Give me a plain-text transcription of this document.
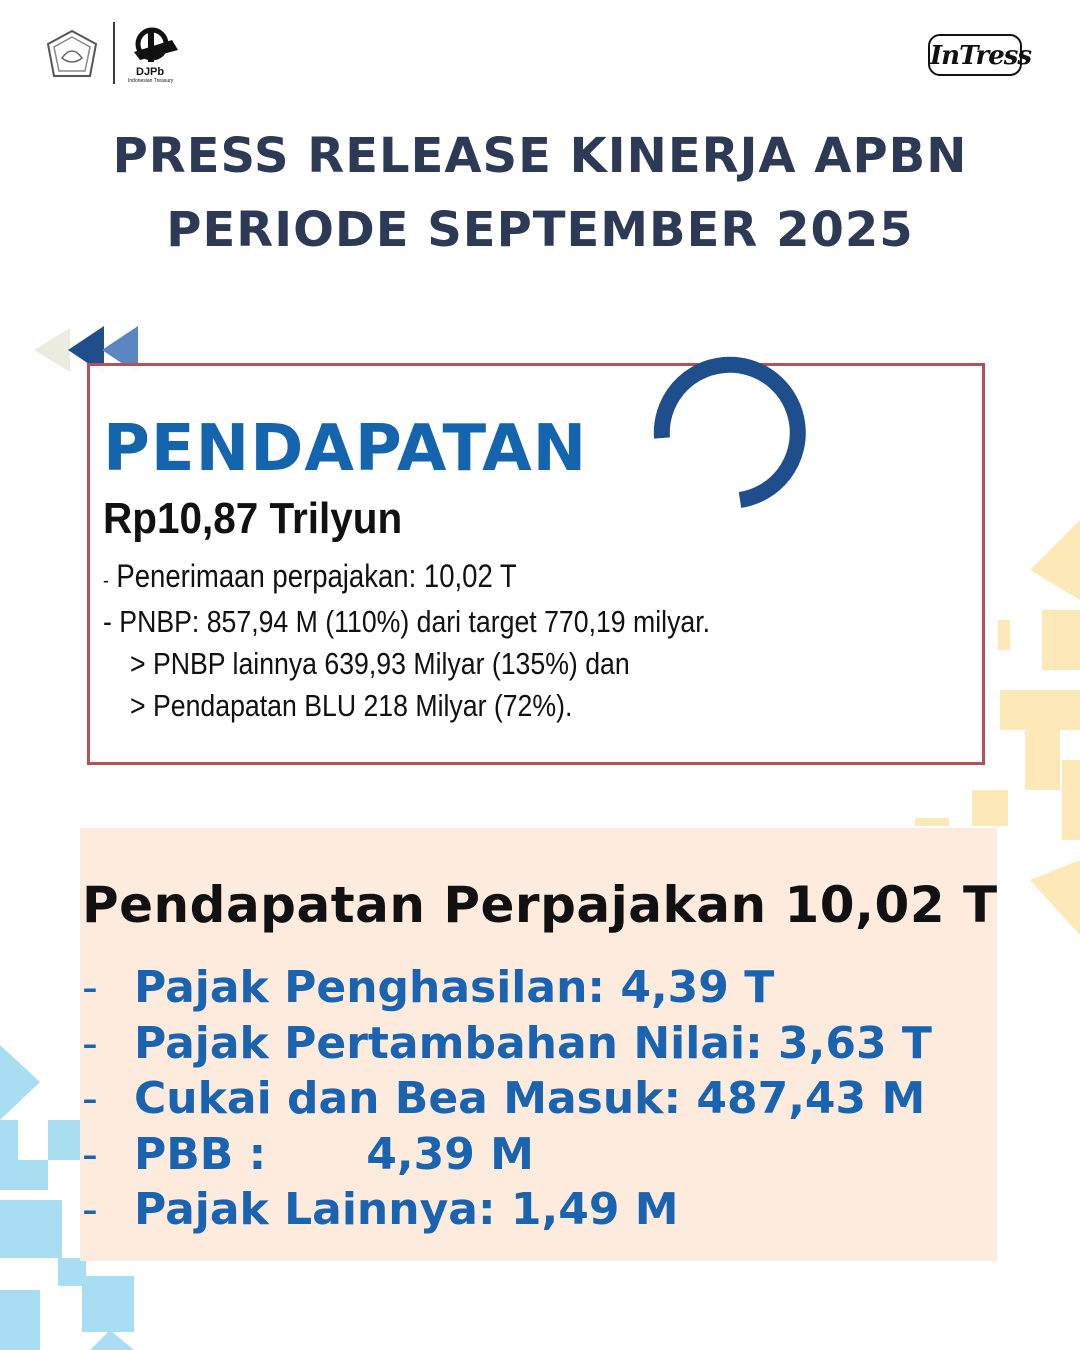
DJPb
Indonesian Treasury
InTress
PRESS RELEASE KINERJA APBN
PERIODE SEPTEMBER 2025
PENDAPATAN
Rp10,87 Trilyun
- Penerimaan perpajakan: 10,02 T
- PNBP: 857,94 M (110%) dari target 770,19 milyar.
> PNBP lainnya 639,93 Milyar (135%) dan
> Pendapatan BLU 218 Milyar (72%).
Pendapatan Perpajakan 10,02 T
- Pajak Penghasilan: 4,39 T
- Pajak Pertambahan Nilai: 3,63 T
- Cukai dan Bea Masuk: 487,43 M
- PBB : 4,39 M
- Pajak Lainnya: 1,49 M
